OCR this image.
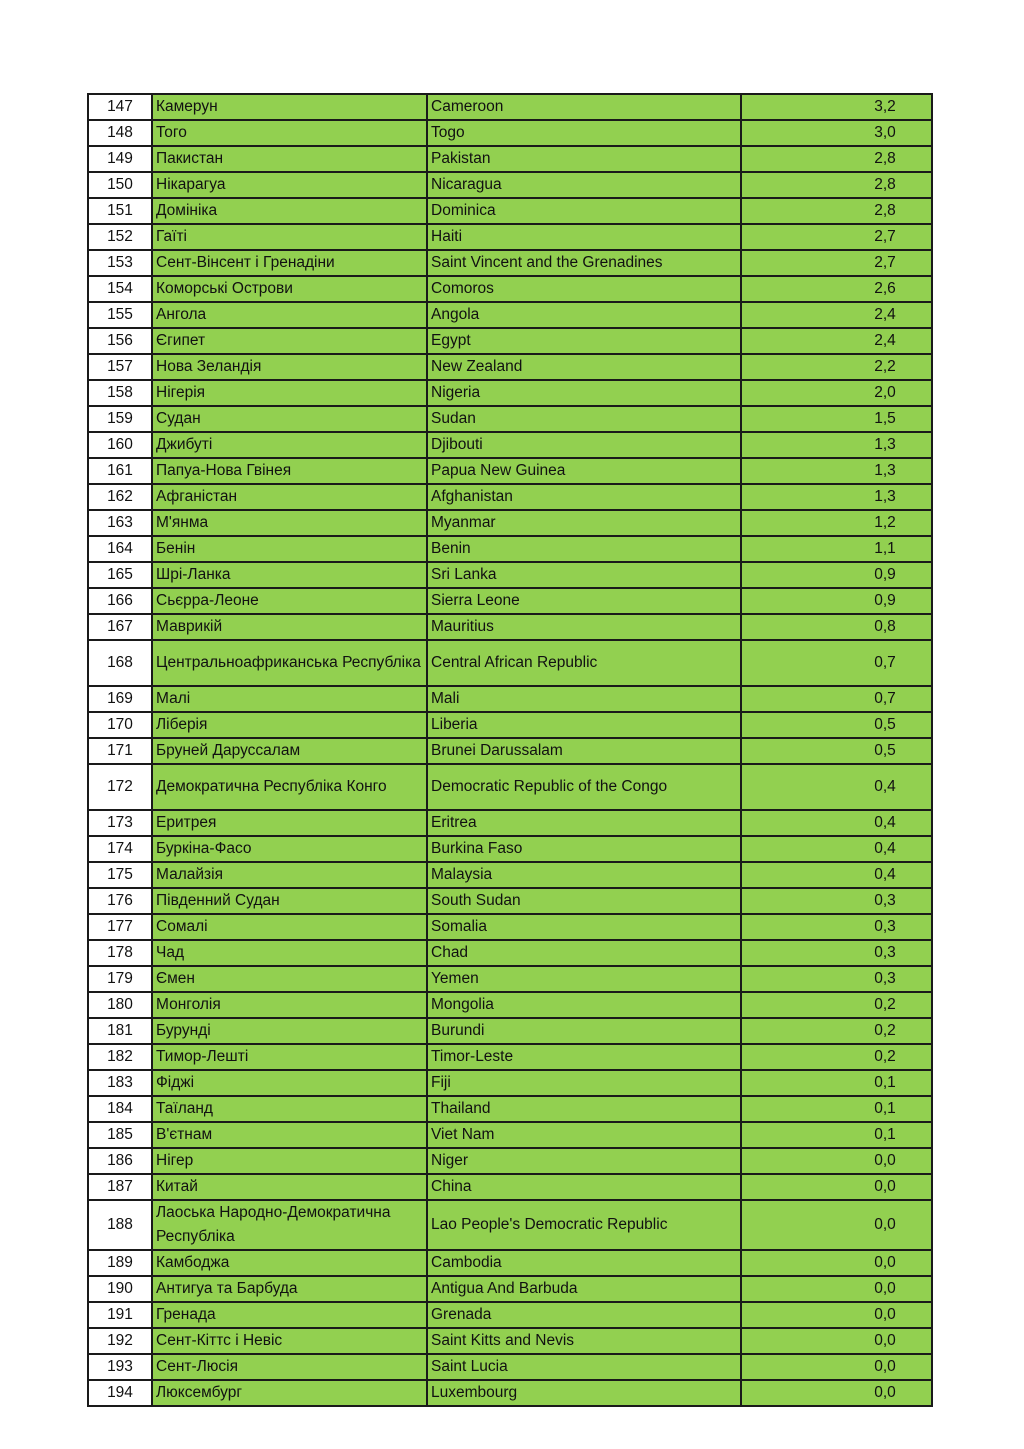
147	Камерун	Cameroon	3,2
148	Того	Togo	3,0
149	Пакистан	Pakistan	2,8
150	Нікарагуа	Nicaragua	2,8
151	Домініка	Dominica	2,8
152	Гаїті	Haiti	2,7
153	Сент-Вінсент і Гренадіни	Saint Vincent and the Grenadines	2,7
154	Коморські Острови	Comoros	2,6
155	Ангола	Angola	2,4
156	Єгипет	Egypt	2,4
157	Нова Зеландія	New Zealand	2,2
158	Нігерія	Nigeria	2,0
159	Судан	Sudan	1,5
160	Джибуті	Djibouti	1,3
161	Папуа-Нова Гвінея	Papua New Guinea	1,3
162	Афганістан	Afghanistan	1,3
163	М'янма	Myanmar	1,2
164	Бенін	Benin	1,1
165	Шрі-Ланка	Sri Lanka	0,9
166	Сьєрра-Леоне	Sierra Leone	0,9
167	Маврикій	Mauritius	0,8
168	Центральноафриканська Республіка	Central African Republic	0,7
169	Малі	Mali	0,7
170	Ліберія	Liberia	0,5
171	Бруней Даруссалам	Brunei Darussalam	0,5
172	Демократична Республіка Конго	Democratic Republic of the Congo	0,4
173	Еритрея	Eritrea	0,4
174	Буркіна-Фасо	Burkina Faso	0,4
175	Малайзія	Malaysia	0,4
176	Південний Судан	South Sudan	0,3
177	Сомалі	Somalia	0,3
178	Чад	Chad	0,3
179	Ємен	Yemen	0,3
180	Монголія	Mongolia	0,2
181	Бурунді	Burundi	0,2
182	Тимор-Лешті	Timor-Leste	0,2
183	Фіджі	Fiji	0,1
184	Таїланд	Thailand	0,1
185	В'єтнам	Viet Nam	0,1
186	Нігер	Niger	0,0
187	Китай	China	0,0
188	Лаоська Народно-Демократична Республіка	Lao People's Democratic Republic	0,0
189	Камбоджа	Cambodia	0,0
190	Антигуа та Барбуда	Antigua And Barbuda	0,0
191	Гренада	Grenada	0,0
192	Сент-Кіттс і Невіс	Saint Kitts and Nevis	0,0
193	Сент-Люсія	Saint Lucia	0,0
194	Люксембург	Luxembourg	0,0
